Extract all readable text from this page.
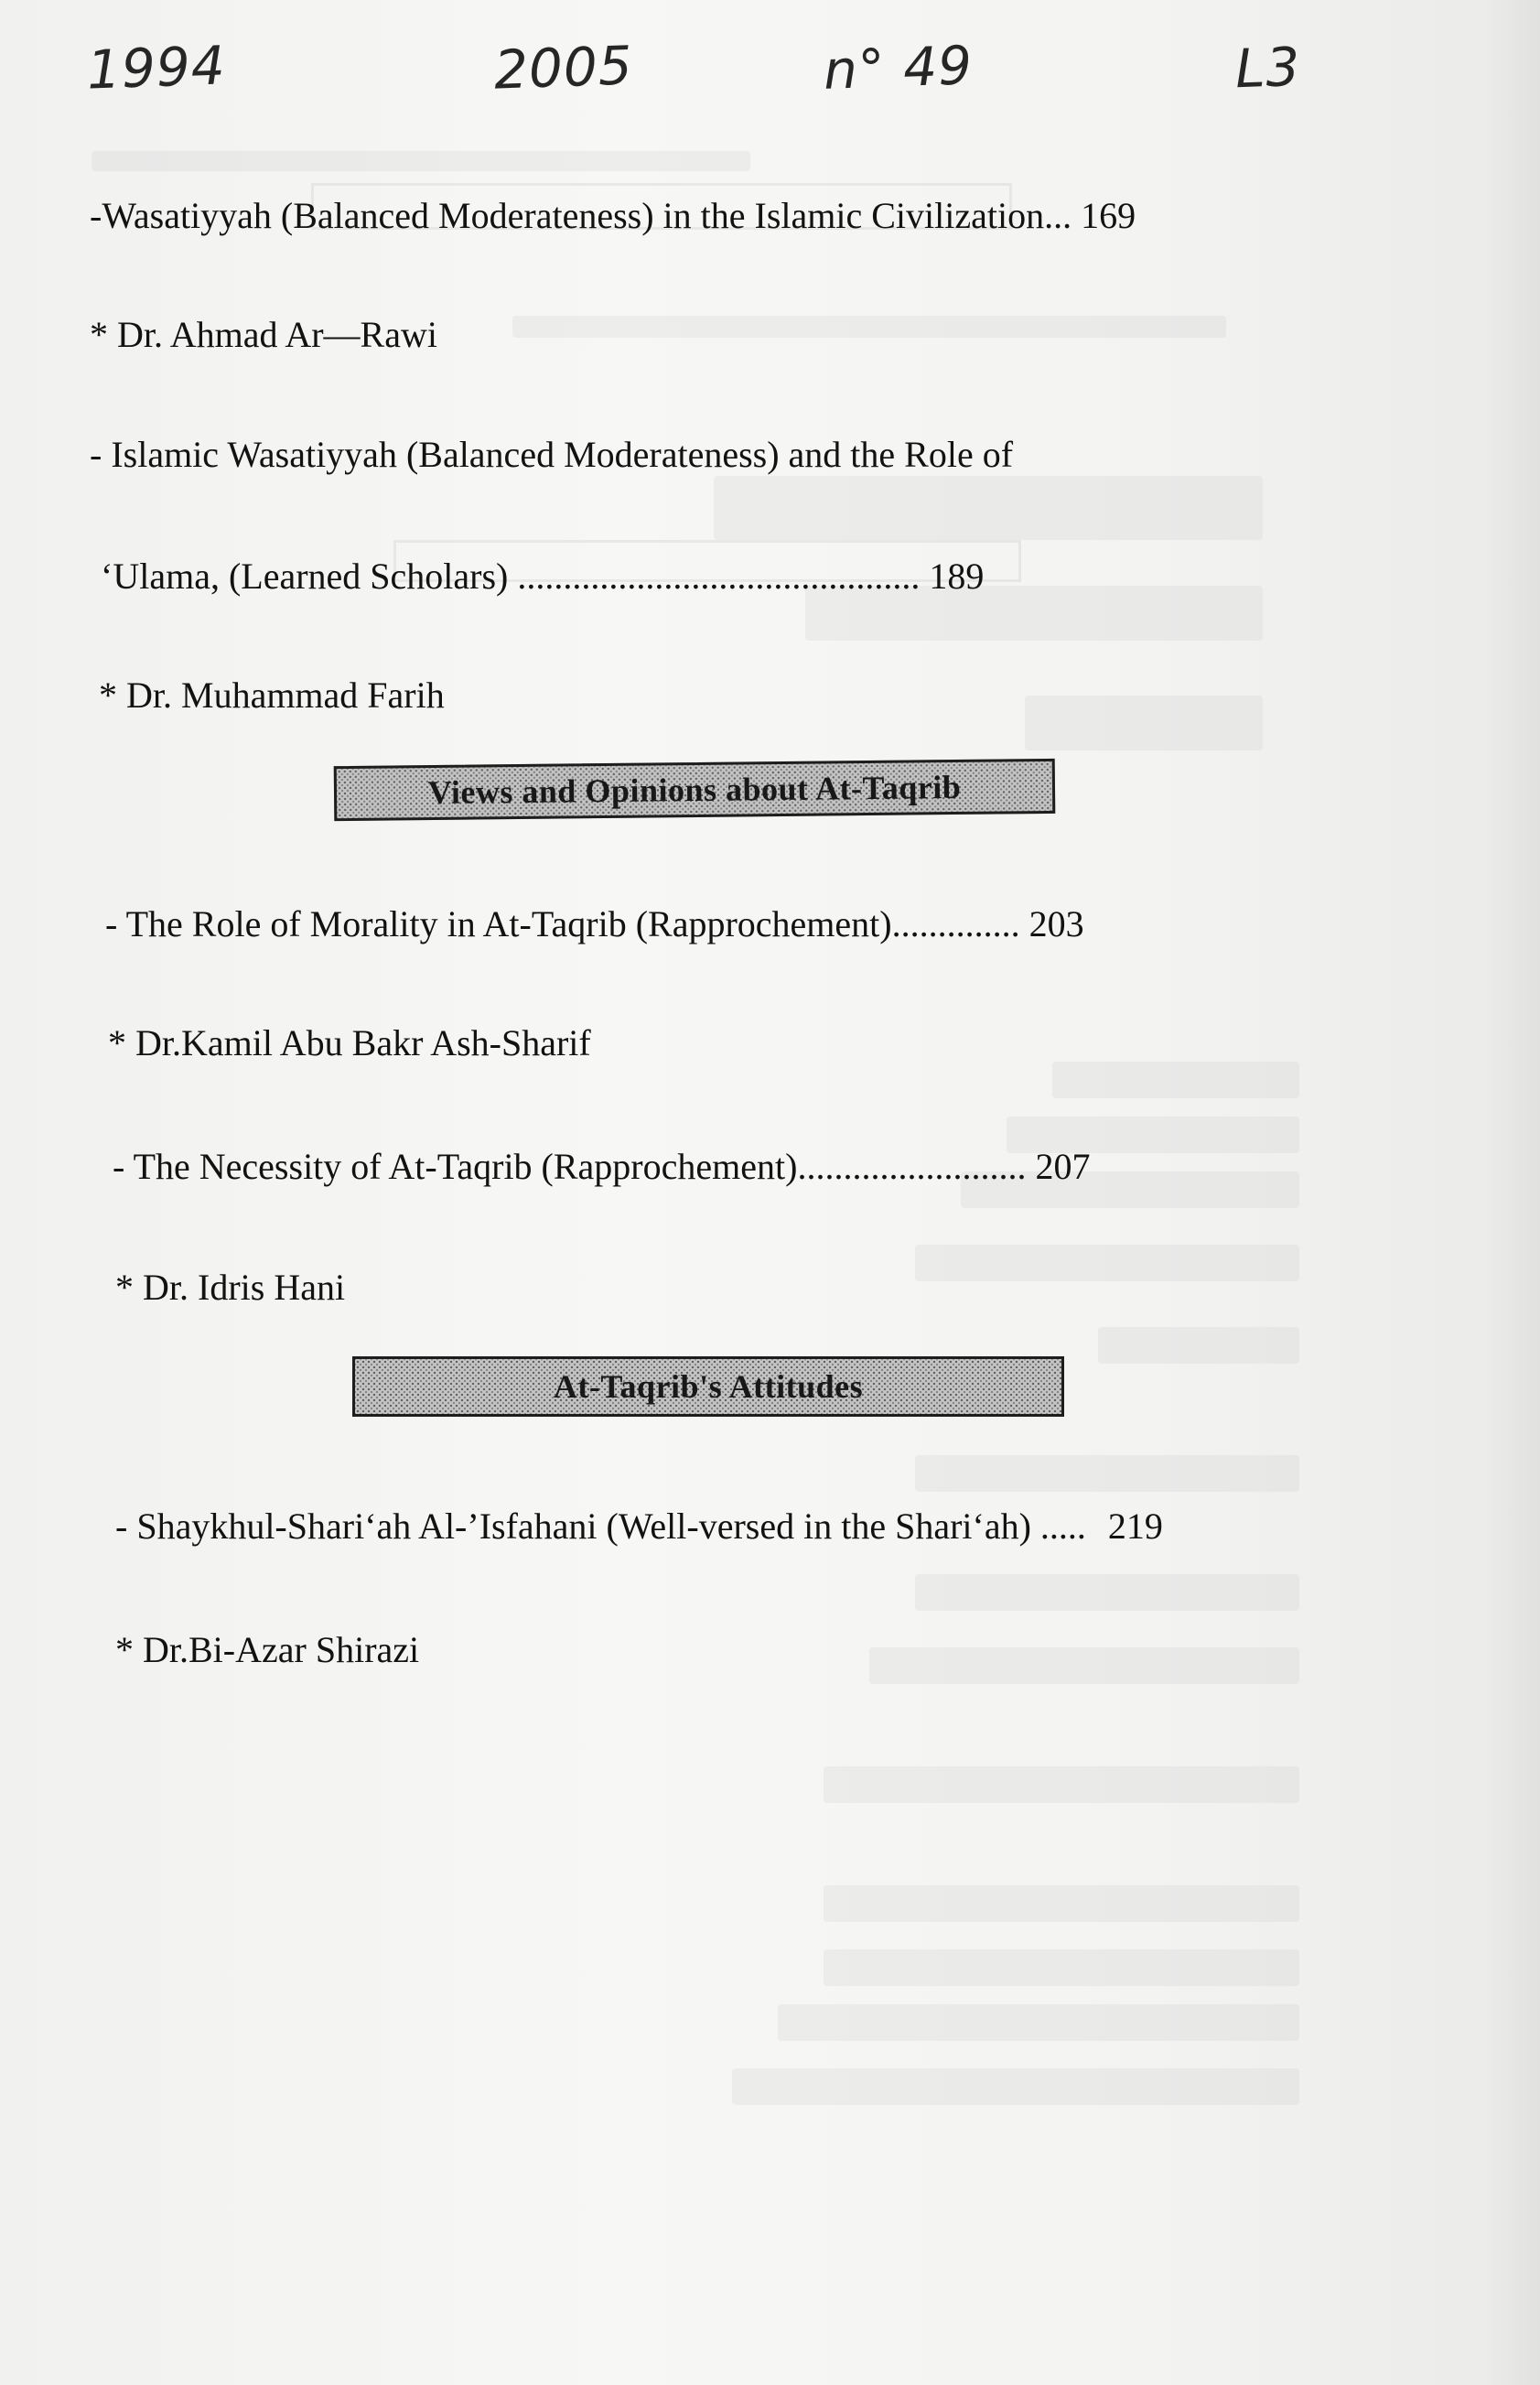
1994	2005	n° 49	L3
-Wasatiyyah (Balanced Moderateness) in the Islamic Civilization... 169
* Dr. Ahmad Ar—Rawi
- Islamic Wasatiyyah (Balanced Moderateness) and the Role of
‘Ulama, (Learned Scholars) ............................................ 189
* Dr. Muhammad Farih
Views and Opinions about At-Taqrib
- The Role of Morality in At-Taqrib (Rapprochement).............. 203
* Dr.Kamil Abu Bakr Ash-Sharif
- The Necessity of At-Taqrib (Rapprochement)......................... 207
* Dr. Idris Hani
At-Taqrib's Attitudes
- Shaykhul-Shari‘ah Al-’Isfahani (Well-versed in the Shari‘ah) ..... 219
* Dr.Bi-Azar Shirazi
